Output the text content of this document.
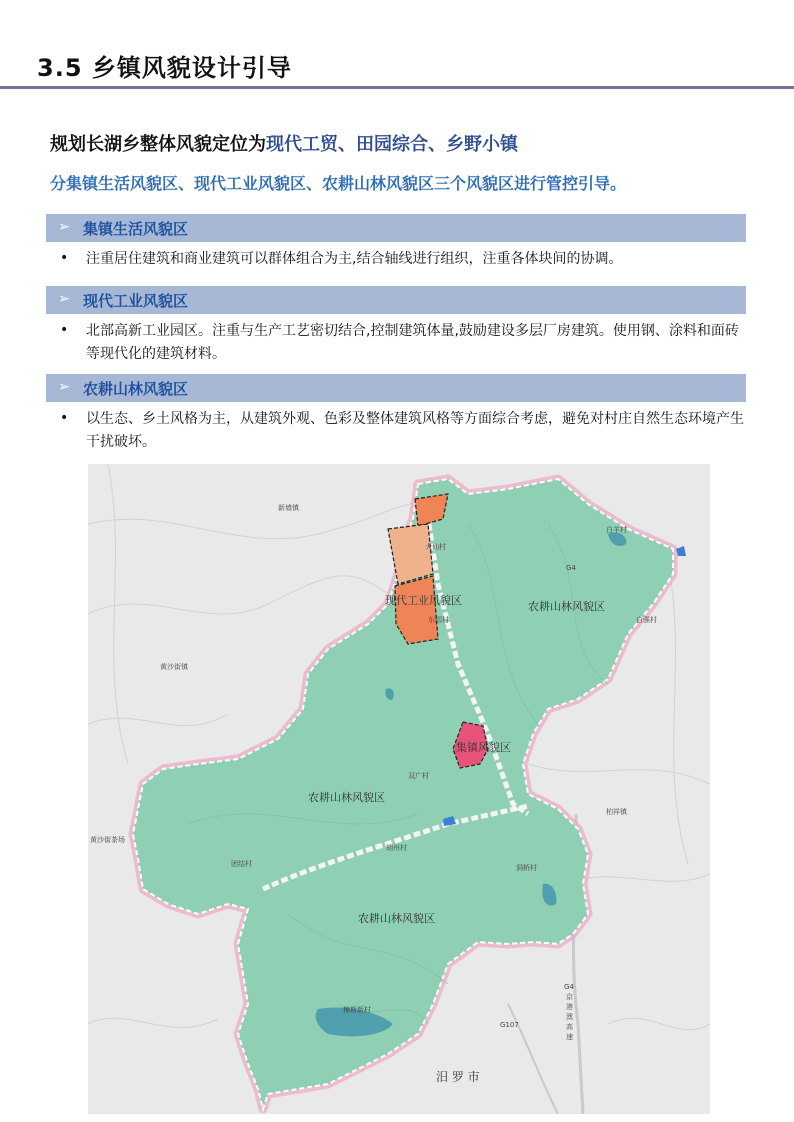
3.5 乡镇风貌设计引导
规划长湖乡整体风貌定位为现代工贸、田园综合、乡野小镇
分集镇生活风貌区、现代工业风貌区、农耕山林风貌区三个风貌区进行管控引导。
➢ 集镇生活风貌区
• 注重居住建筑和商业建筑可以群体组合为主,结合轴线进行组织，注重各体块间的协调。
➢ 现代工业风貌区
• 北部高新工业园区。注重与生产工艺密切结合,控制建筑体量,鼓励建设多层厂房建筑。使用钢、涂料和面砖等现代化的建筑材料。
➢ 农耕山林风貌区
• 以生态、乡土风格为主，从建筑外观、色彩及整体建筑风格等方面综合考虑，避免对村庄自然生态环境产生干扰破坏。
现代工业风貌区
集镇风貌区
农耕山林风貌区
农耕山林风貌区
农耕山林风貌区
新墙镇
黄沙街镇
黄沙街茶场
柏祥镇
G107
G4
G4
京
港
澳
高
速
大仙村
白羊村
自强村
东园村
双广村
胡州村
团结村	洞桥村
樟斯新村
汨 罗 市
